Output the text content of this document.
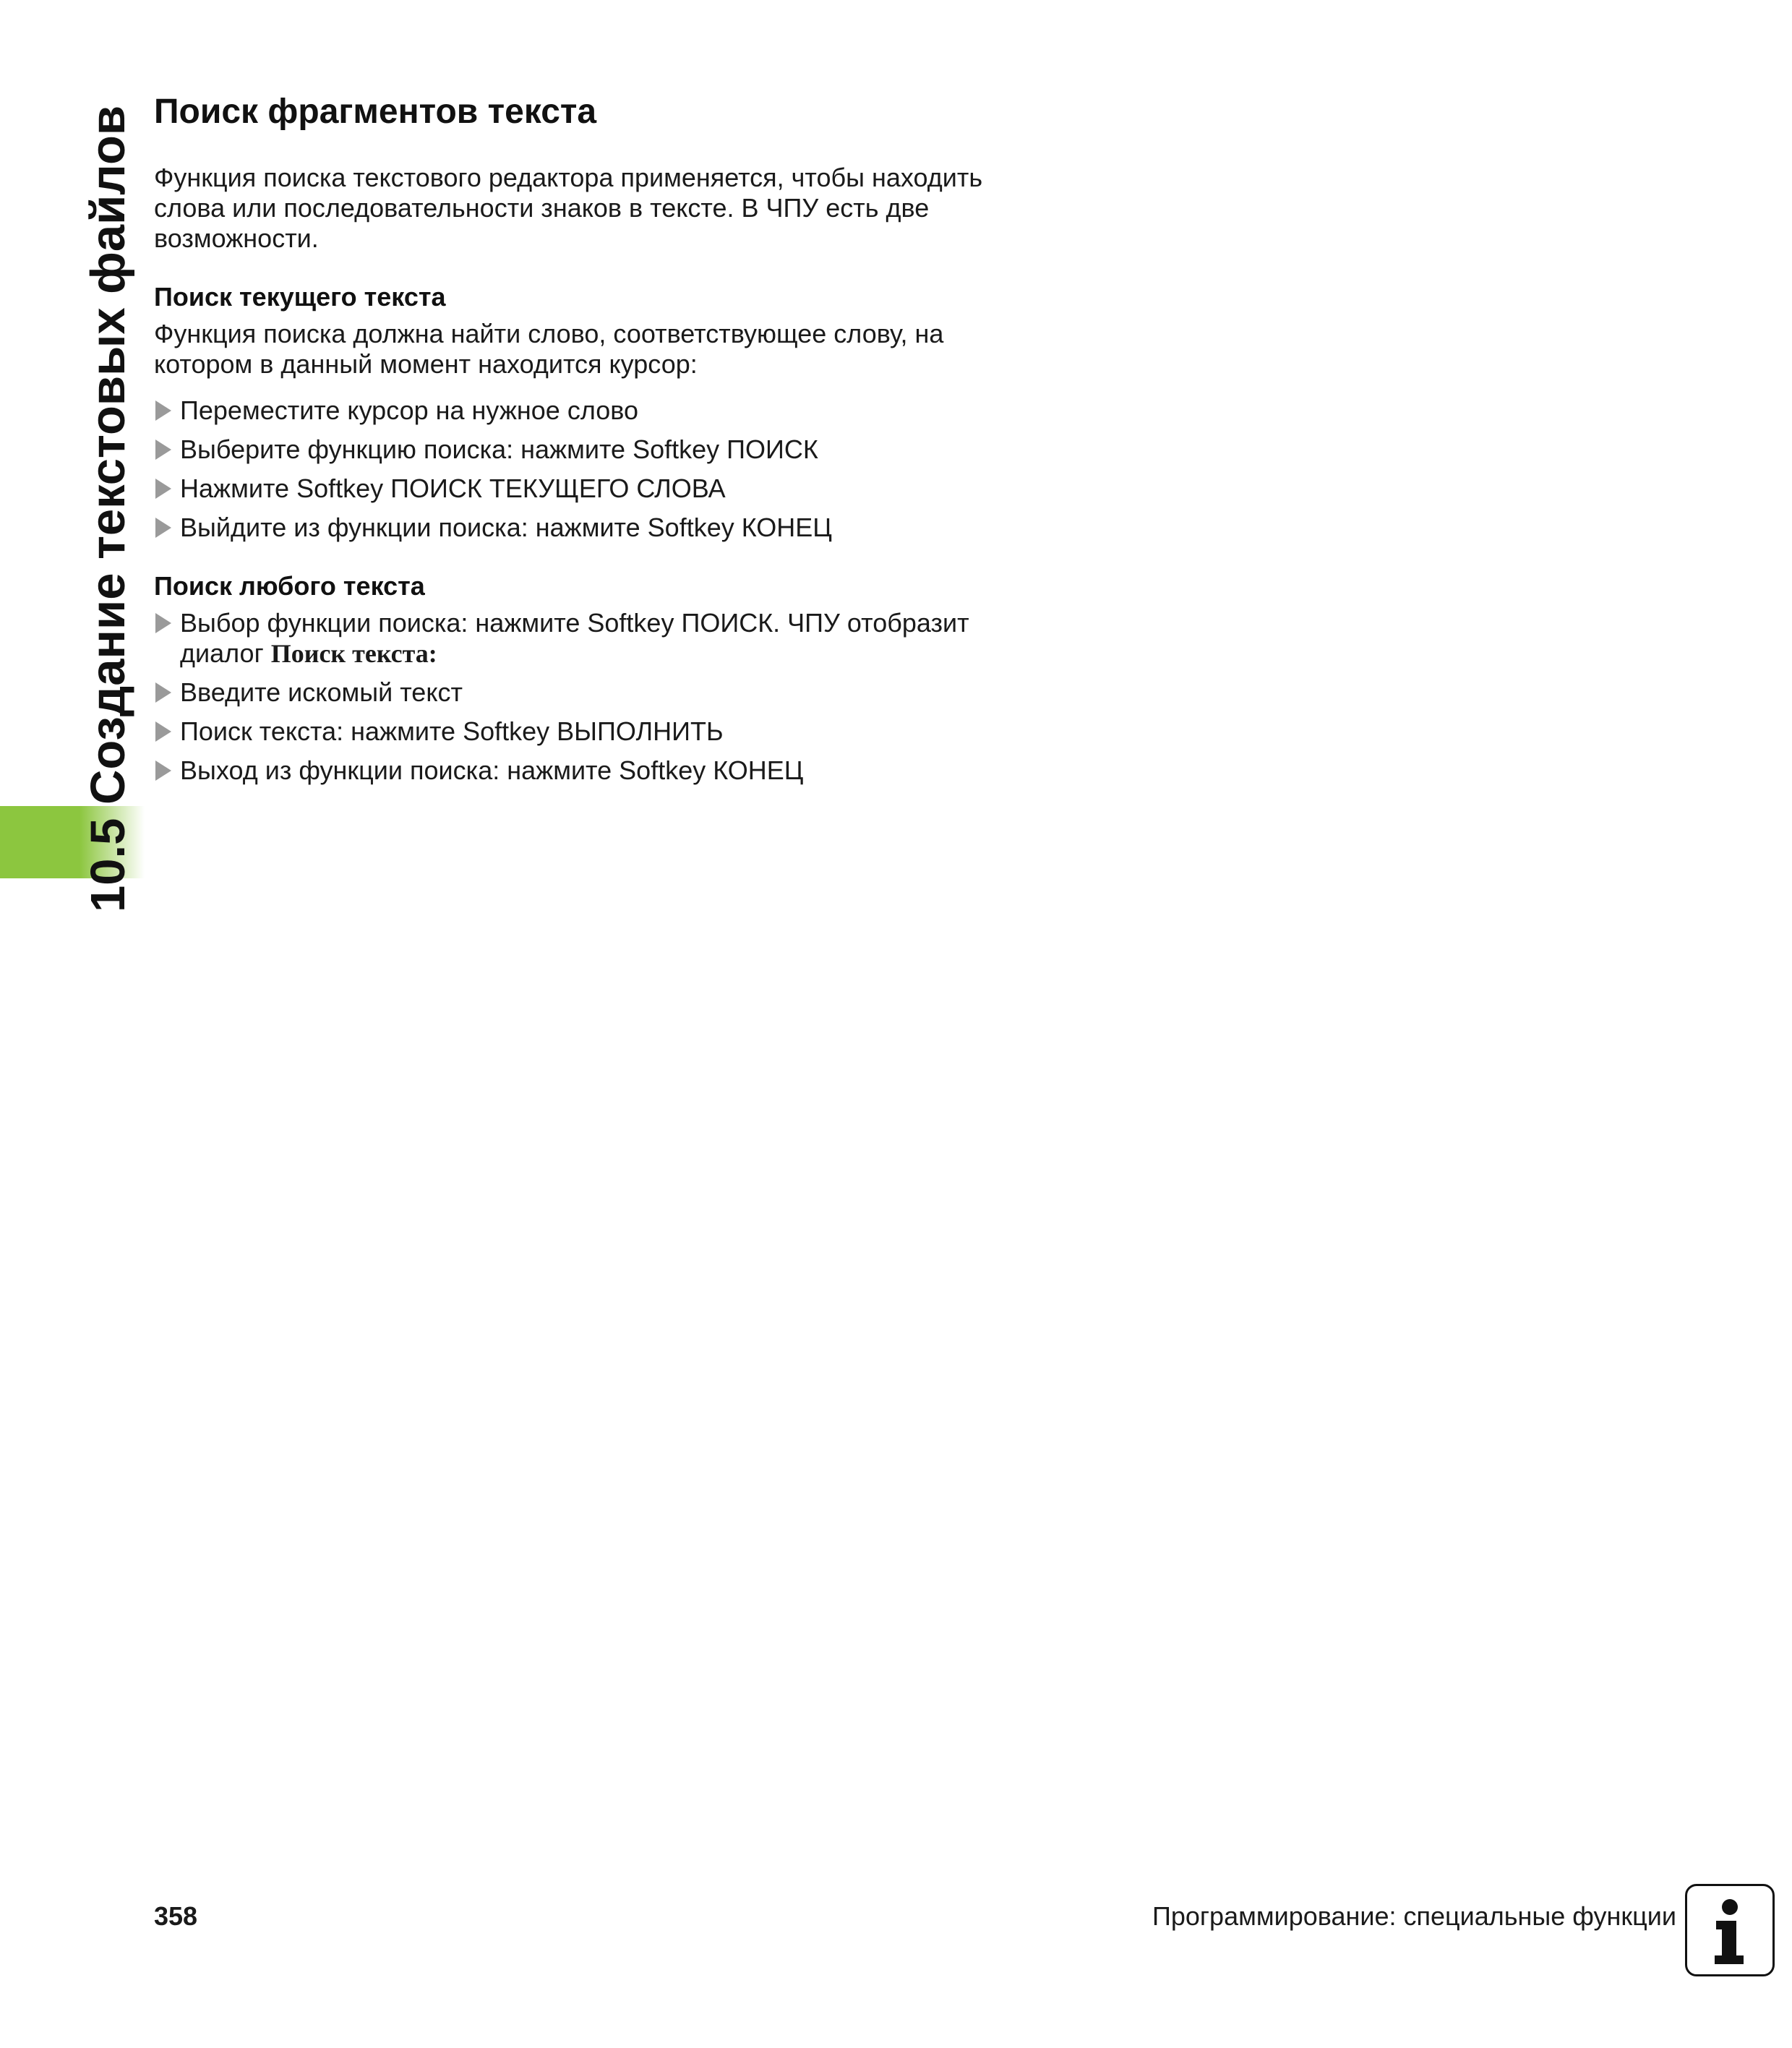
10.5 Создание текстовых файлов Поиск фрагментов текста

Функция поиска текстового редактора применяется, чтобы находить слова или последовательности знаков в тексте. В ЧПУ есть две возможности.

Поиск текущего текста

Функция поиска должна найти слово, соответствующее слову, на котором в данный момент находится курсор:

Переместите курсор на нужное слово
Выберите функцию поиска: нажмите Softkey ПОИСК
Нажмите Softkey ПОИСК ТЕКУЩЕГО СЛОВА
Выйдите из функции поиска: нажмите Softkey КОНЕЦ
Поиск любого текста
Выбор функции поиска: нажмите Softkey ПОИСК. ЧПУ отобразит диалог Поиск текста:
Введите искомый текст
Поиск текста: нажмите Softkey ВЫПОЛНИТЬ
Выход из функции поиска: нажмите Softkey КОНЕЦ
358	Программирование: специальные функции
